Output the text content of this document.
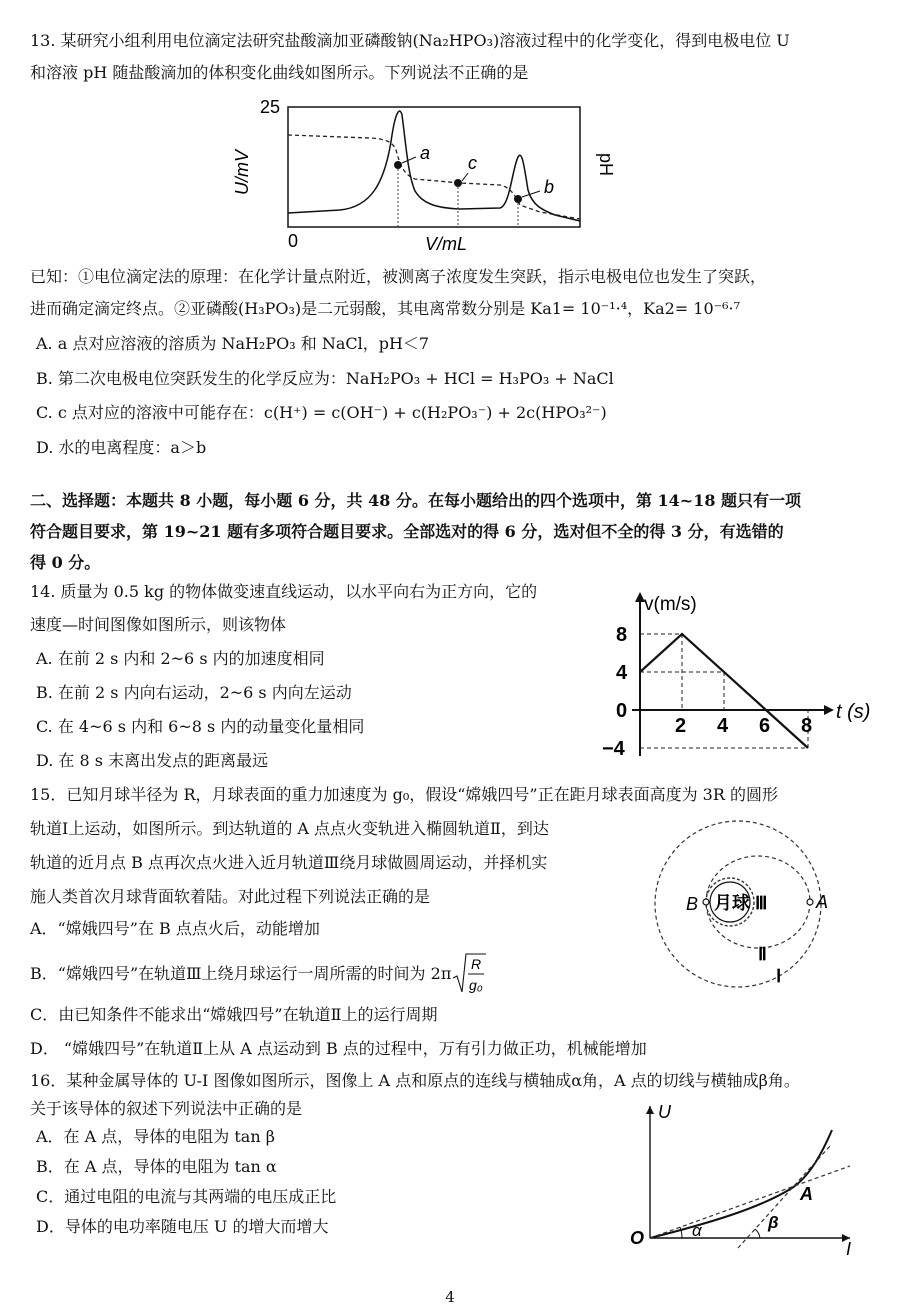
13. 某研究小组利用电位滴定法研究盐酸滴加亚磷酸钠(Na₂HPO₃)溶液过程中的化学变化，得到电极电位 U
和溶液 pH 随盐酸滴加的体积变化曲线如图所示。下列说法不正确的是
a c
b
25
U/mV	pH
0	V/mL
已知：①电位滴定法的原理：在化学计量点附近，被测离子浓度发生突跃，指示电极电位也发生了突跃，
进而确定滴定终点。②亚磷酸(H₃PO₃)是二元弱酸，其电离常数分别是 Ka1= 10⁻¹·⁴，Ka2= 10⁻⁶·⁷
A. a 点对应溶液的溶质为 NaH₂PO₃ 和 NaCl，pH＜7
B. 第二次电极电位突跃发生的化学反应为：NaH₂PO₃ + HCl = H₃PO₃ + NaCl
C. c 点对应的溶液中可能存在：c(H⁺) = c(OH⁻) + c(H₂PO₃⁻) + 2c(HPO₃²⁻)
D. 水的电离程度：a＞b
二、选择题：本题共 8 小题，每小题 6 分，共 48 分。在每小题给出的四个选项中，第 14~18 题只有一项
符合题目要求，第 19~21 题有多项符合题目要求。全部选对的得 6 分，选对但不全的得 3 分，有选错的
得 0 分。
14. 质量为 0.5 kg 的物体做变速直线运动，以水平向右为正方向，它的
速度—时间图像如图所示，则该物体
A. 在前 2 s 内和 2~6 s 内的加速度相同
B. 在前 2 s 内向右运动，2~6 s 内向左运动
C. 在 4~6 s 内和 6~8 s 内的动量变化量相同
D. 在 8 s 末离出发点的距离最远
2 4 6 8
8
4
0
−4
v(m/s)
t (s)
15．已知月球半径为 R，月球表面的重力加速度为 g₀，假设“嫦娥四号”正在距月球表面高度为 3R 的圆形
轨道Ⅰ上运动，如图所示。到达轨道的 A 点点火变轨进入椭圆轨道Ⅱ，到达
轨道的近月点 B 点再次点火进入近月轨道Ⅲ绕月球做圆周运动，并择机实
施人类首次月球背面软着陆。对此过程下列说法正确的是
A．“嫦娥四号”在 B 点点火后，动能增加
B．“嫦娥四号”在轨道Ⅲ上绕月球运行一周所需的时间为 2π R
g₀
C．由已知条件不能求出“嫦娥四号”在轨道Ⅱ上的运行周期
D． “嫦娥四号”在轨道Ⅱ上从 A 点运动到 B 点的过程中，万有引力做正功，机械能增加
月球 Ⅲ
B	A
Ⅱ
Ⅰ
16．某种金属导体的 U-I 图像如图所示，图像上 A 点和原点的连线与横轴成α角，A 点的切线与横轴成β角。
关于该导体的叙述下列说法中正确的是
A．在 A 点，导体的电阻为 tan β
B．在 A 点，导体的电阻为 tan α
C．通过电阻的电流与其两端的电压成正比
D．导体的电功率随电压 U 的增大而增大
O
U
I
A
α	β
4
